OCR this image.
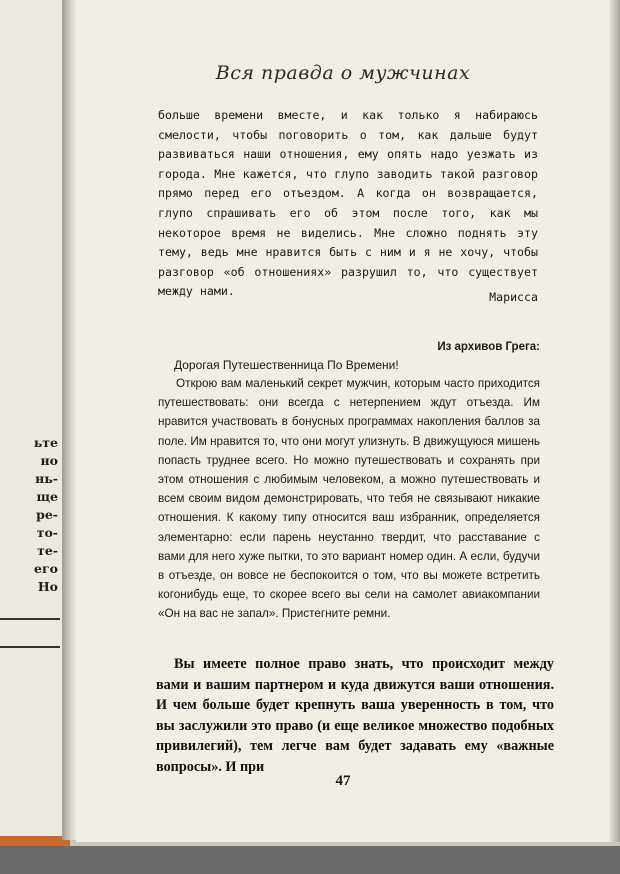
ьте
но
нь-
ще
ре-
то-
те-
его
Но
Вся правда о мужчинах

больше времени вместе, и как только я набираюсь смелости, чтобы поговорить о том, как дальше будут развиваться наши отношения, ему опять надо уезжать из города. Мне кажется, что глупо заводить такой разговор прямо перед его отъездом. А когда он возвращается, глупо спрашивать его об этом после того, как мы некоторое время не виделись. Мне сложно поднять эту тему, ведь мне нравится быть с ним и я не хочу, чтобы разговор «об отношениях» разрушил то, что существует между нами.	Марисса
Из архивов Грега:
Дорогая Путешественница По Времени!

Открою вам маленький секрет мужчин, которым часто приходится путешествовать: они всегда с нетерпением ждут отъезда. Им нравится участвовать в бонусных программах накопления баллов за поле. Им нравится то, что они могут улизнуть. В движущуюся мишень попасть труднее всего. Но можно путешествовать и сохранять при этом отношения с любимым человеком, а можно путешествовать и всем своим видом демонстрировать, что тебя не связывают никакие отношения. К какому типу относится ваш избранник, определяется элементарно: если парень неустанно твердит, что расставание с вами для него хуже пытки, то это вариант номер один. А если, будучи в отъезде, он вовсе не беспокоится о том, что вы можете встретить когонибудь еще, то скорее всего вы сели на самолет авиакомпании «Он на вас не запал». Пристегните ремни.

Вы имеете полное право знать, что происходит между вами и вашим партнером и куда движутся ваши отношения. И чем больше будет крепнуть ваша уверенность в том, что вы заслужили это право (и еще великое множество подобных привилегий), тем легче вам будет задавать ему «важные вопросы». И при

47
